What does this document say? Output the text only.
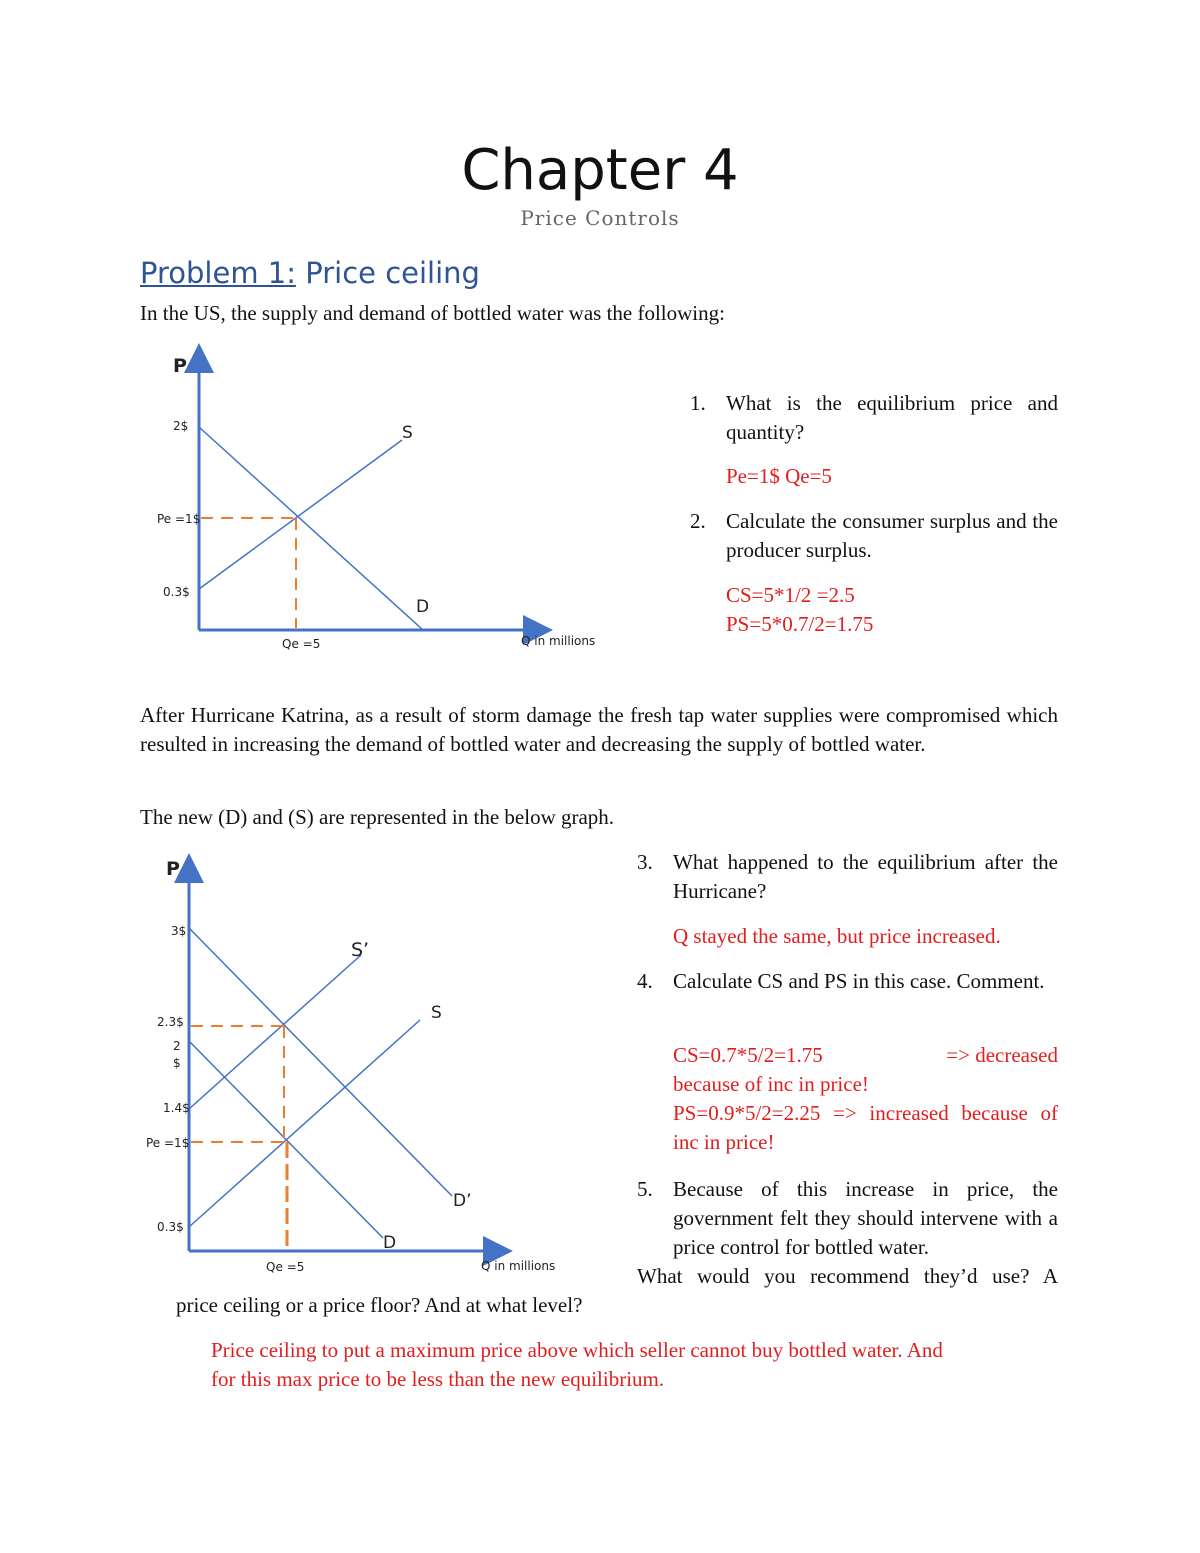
Chapter 4
Price Controls
Problem 1: Price ceiling
In the US, the supply and demand of bottled water was the following:
P
2$
Pe =1$
0.3$
Qe =5	Q in millions
S
D
1. What is the equilibrium price and quantity?
Pe=1$ Qe=5
2. Calculate the consumer surplus and the producer surplus.
CS=5*1/2 =2.5
PS=5*0.7/2=1.75
After Hurricane Katrina, as a result of storm damage the fresh tap water supplies were compromised which resulted in increasing the demand of bottled water and decreasing the supply of bottled water.
The new (D) and (S) are represented in the below graph.
P
3$
2.3$
2
$
1.4$
Pe =1$
0.3$
Qe =5	Q in millions
S’
S
D’
D
3. What happened to the equilibrium after the Hurricane?
Q stayed the same, but price increased.
4. Calculate CS and PS in this case. Comment.
CS=0.7*5/2=1.75	=> decreased
because of inc in price!
PS=0.9*5/2=2.25 => increased because of inc in price!
5. Because of this increase in price, the government felt they should intervene with a price control for bottled water.
What would you recommend they’d use? A
price ceiling or a price floor? And at what level?
Price ceiling to put a maximum price above which seller cannot buy bottled water. And
for this max price to be less than the new equilibrium.
